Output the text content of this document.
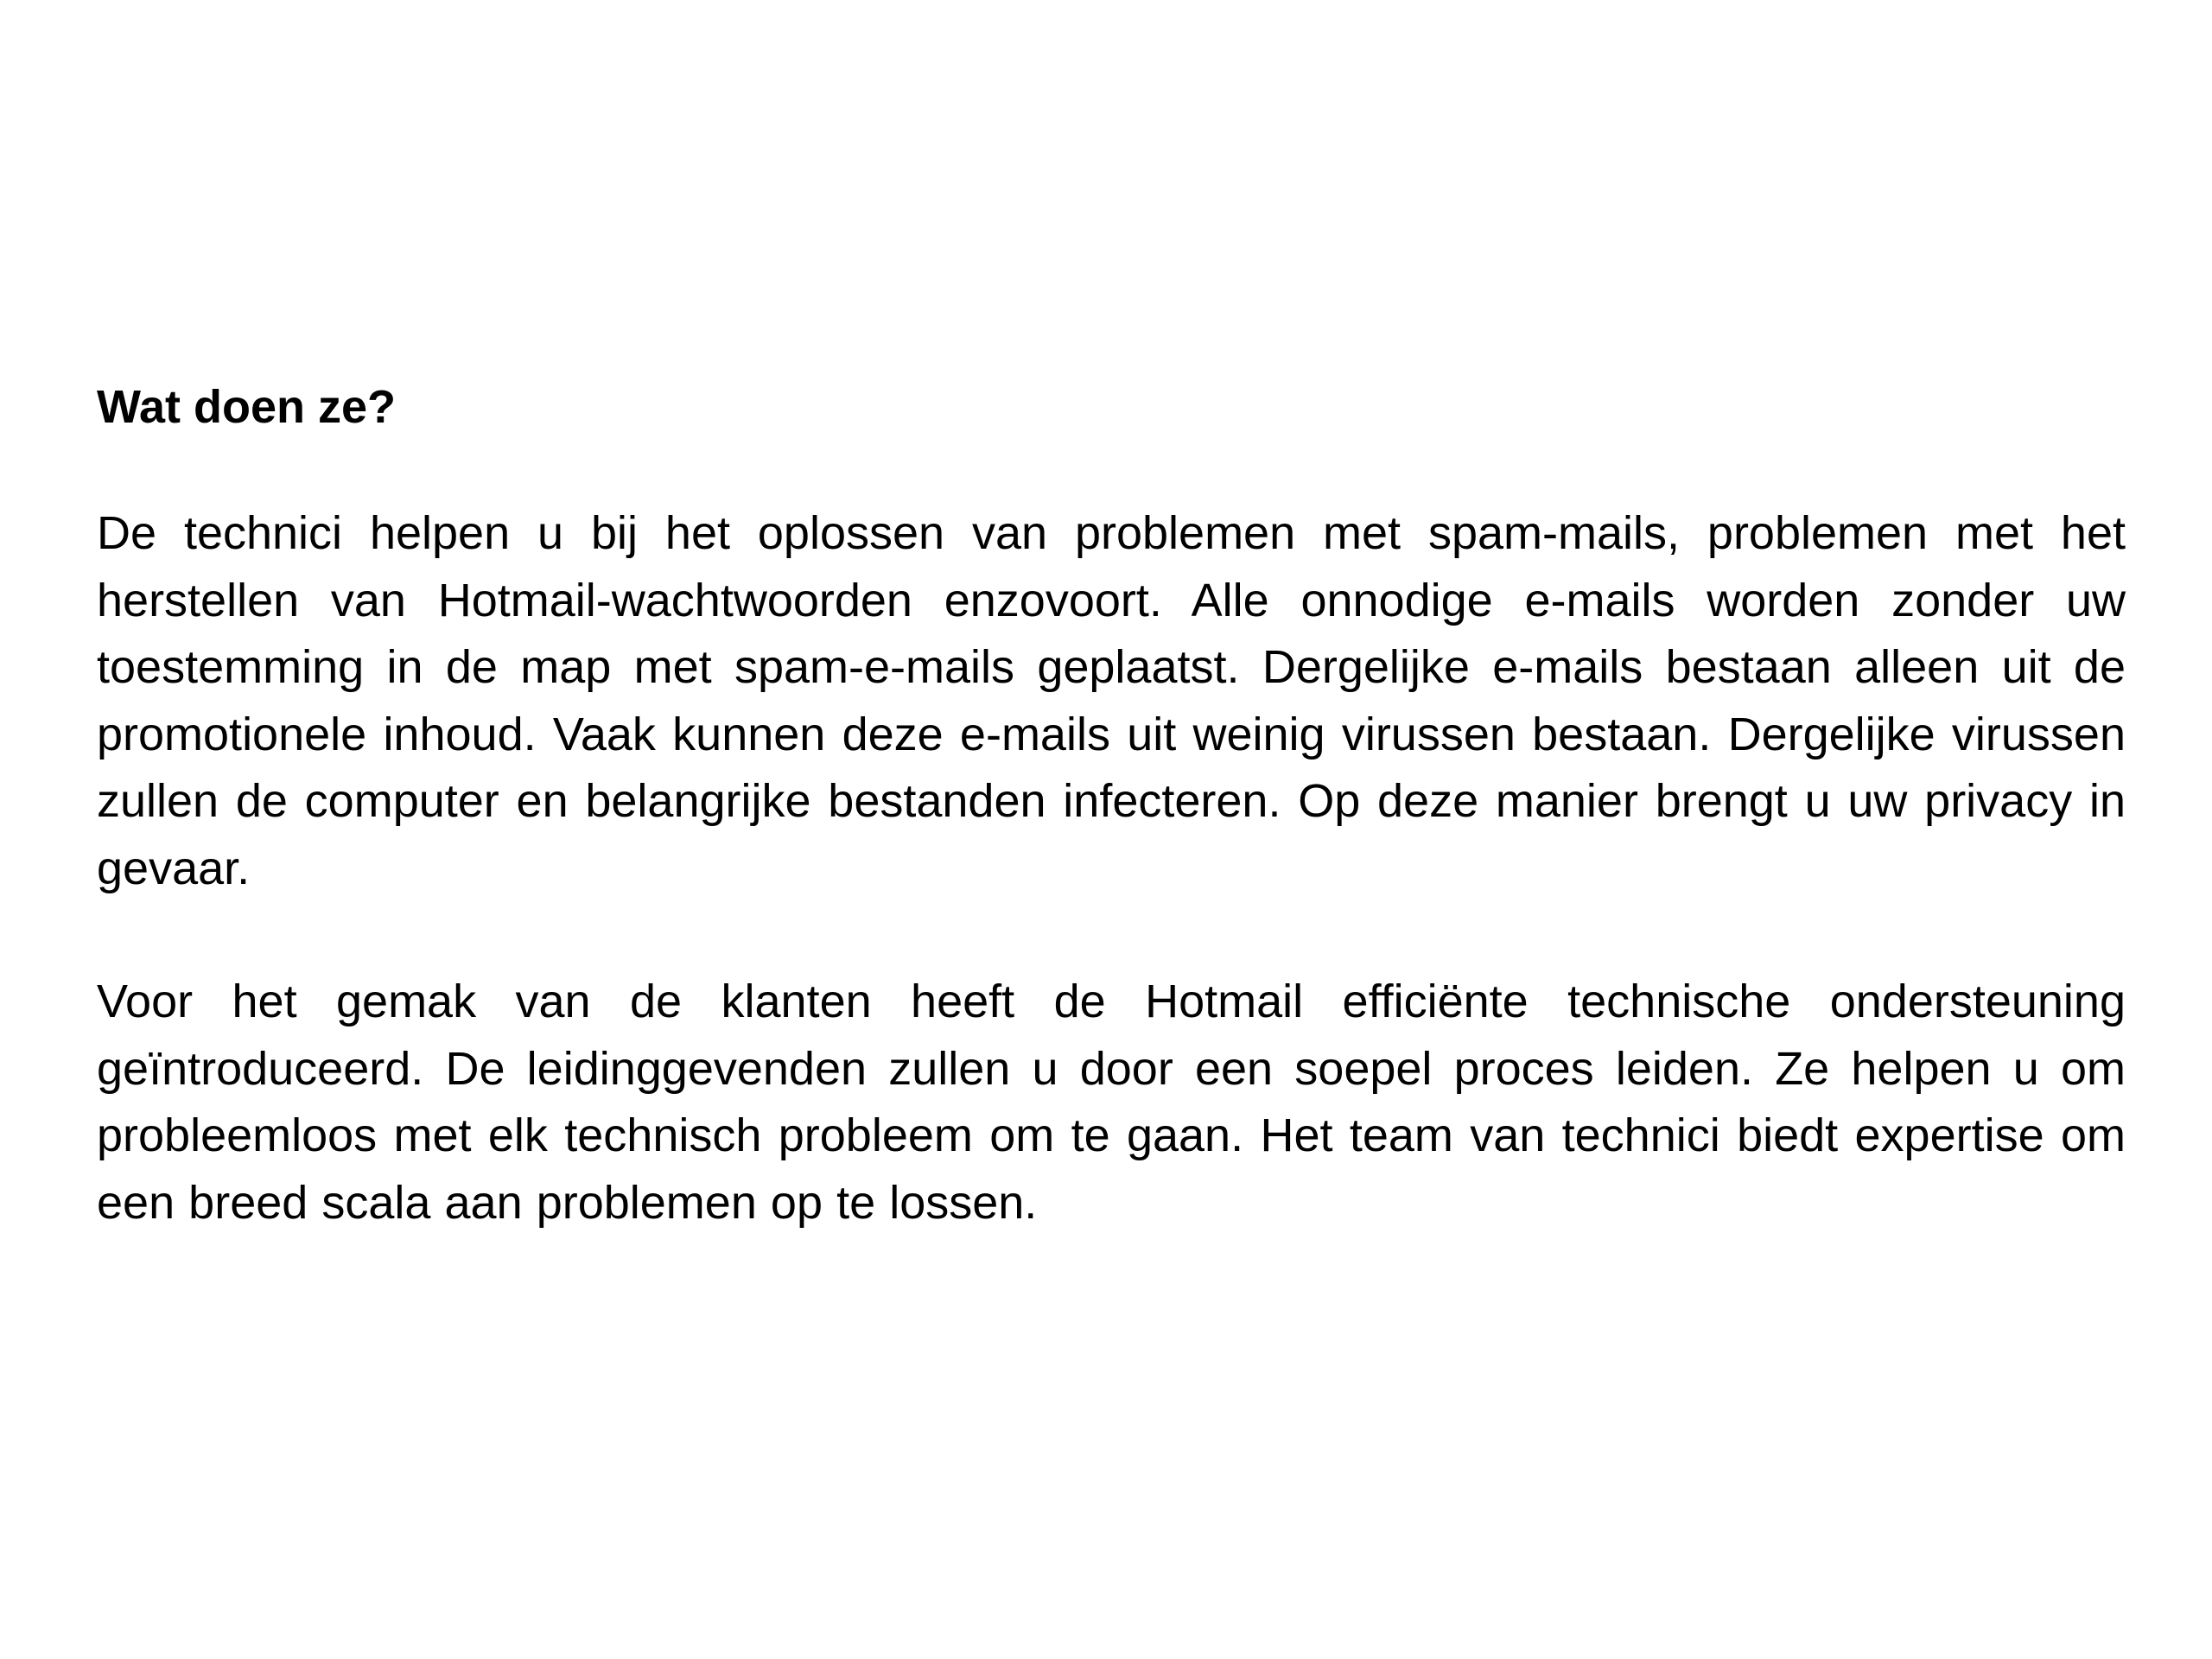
Wat doen ze?

De technici helpen u bij het oplossen van problemen met spam-mails, problemen met het herstellen van Hotmail-wachtwoorden enzovoort. Alle onnodige e-mails worden zonder uw toestemming in de map met spam-e-mails geplaatst. Dergelijke e-mails bestaan alleen uit de promotionele inhoud. Vaak kunnen deze e-mails uit weinig virussen bestaan. Dergelijke virussen zullen de computer en belangrijke bestanden infecteren. Op deze manier brengt u uw privacy in gevaar.

Voor het gemak van de klanten heeft de Hotmail efficiënte technische ondersteuning geïntroduceerd. De leidinggevenden zullen u door een soepel proces leiden. Ze helpen u om probleemloos met elk technisch probleem om te gaan. Het team van technici biedt expertise om een breed scala aan problemen op te lossen.
